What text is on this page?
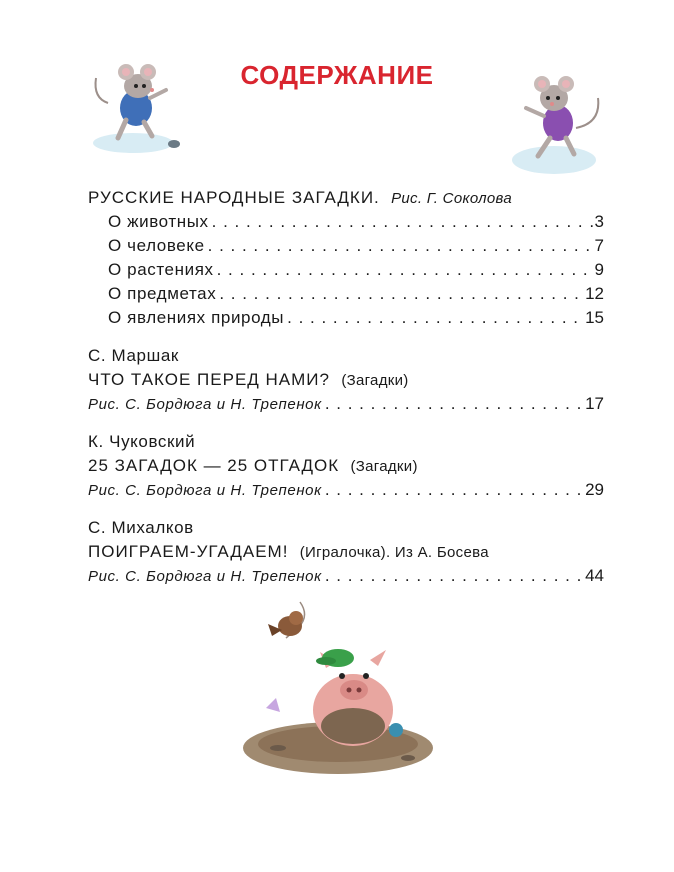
СОДЕРЖАНИЕ
РУССКИЕ НАРОДНЫЕ ЗАГАДКИ. Рис. Г. Соколова
О животных . . .	3
О человеке . . .	7
О растениях . . .	9
О предметах . . .	12
О явлениях природы . . .	15
С. Маршак
ЧТО ТАКОЕ ПЕРЕД НАМИ? (Загадки)
Рис. С. Бордюга и Н. Трепенок . . .	17
К. Чуковский
25 ЗАГАДОК — 25 ОТГАДОК (Загадки)
Рис. С. Бордюга и Н. Трепенок . . .	29
С. Михалков
ПОИГРАЕМ-УГАДАЕМ! (Игралочка). Из А. Босева
Рис. С. Бордюга и Н. Трепенок . . .	44
